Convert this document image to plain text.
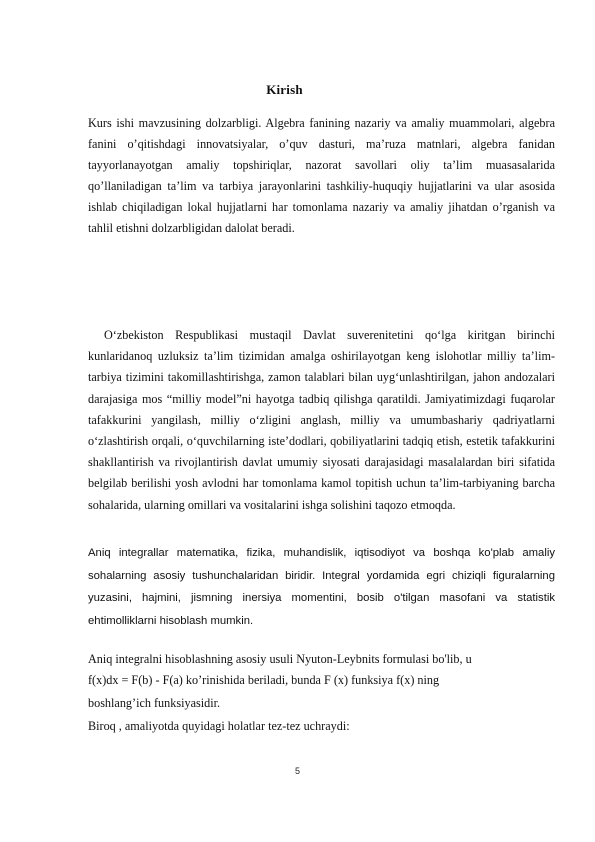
Kirish

Kurs ishi mavzusining dolzarbligi. Algebra fanining nazariy va amaliy muammolari, algebra fanini o’qitishdagi innovatsiyalar, o’quv dasturi, ma’ruza matnlari, algebra fanidan tayyorlanayotgan amaliy topshiriqlar, nazorat savollari oliy ta’lim muasasalarida qo’llaniladigan ta’lim va tarbiya jarayonlarini tashkiliy-huquqiy hujjatlarini va ular asosida ishlab chiqiladigan lokal hujjatlarni har tomonlama nazariy va amaliy jihatdan o’rganish va tahlil etishni dolzarbligidan dalolat beradi.

O‘zbekiston Respublikasi mustaqil Davlat suverenitetini qo‘lga kiritgan birinchi kunlaridanoq uzluksiz ta’lim tizimidan amalga oshirilayotgan keng islohotlar milliy ta’lim-tarbiya tizimini takomillashtirishga, zamon talablari bilan uyg‘unlashtirilgan, jahon andozalari darajasiga mos “milliy model”ni hayotga tadbiq qilishga qaratildi. Jamiyatimizdagi fuqarolar tafakkurini yangilash, milliy o‘zligini anglash, milliy va umumbashariy qadriyatlarni o‘zlashtirish orqali, o‘quvchilarning iste’dodlari, qobiliyatlarini tadqiq etish, estetik tafakkurini shakllantirish va rivojlantirish davlat umumiy siyosati darajasidagi masalalardan biri sifatida belgilab berilishi yosh avlodni har tomonlama kamol topitish uchun ta’lim-tarbiyaning barcha sohalarida, ularning omillari va vositalarini ishga solishini taqozo etmoqda.

Aniq integrallar matematika, fizika, muhandislik, iqtisodiyot va boshqa ko'plab amaliy sohalarning asosiy tushunchalaridan biridir. Integral yordamida egri chiziqli figuralarning yuzasini, hajmini, jismning inersiya momentini, bosib o'tilgan masofani va statistik ehtimolliklarni hisoblash mumkin.

Aniq integralni hisoblashning asosiy usuli Nyuton-Leybnits formulasi bo'lib, u
f(x)dx = F(b) - F(a) ko’rinishida beriladi, bunda F (x) funksiya f(x) ning
boshlang’ich funksiyasidir.
Biroq , amaliyotda quyidagi holatlar tez-tez uchraydi:
5
